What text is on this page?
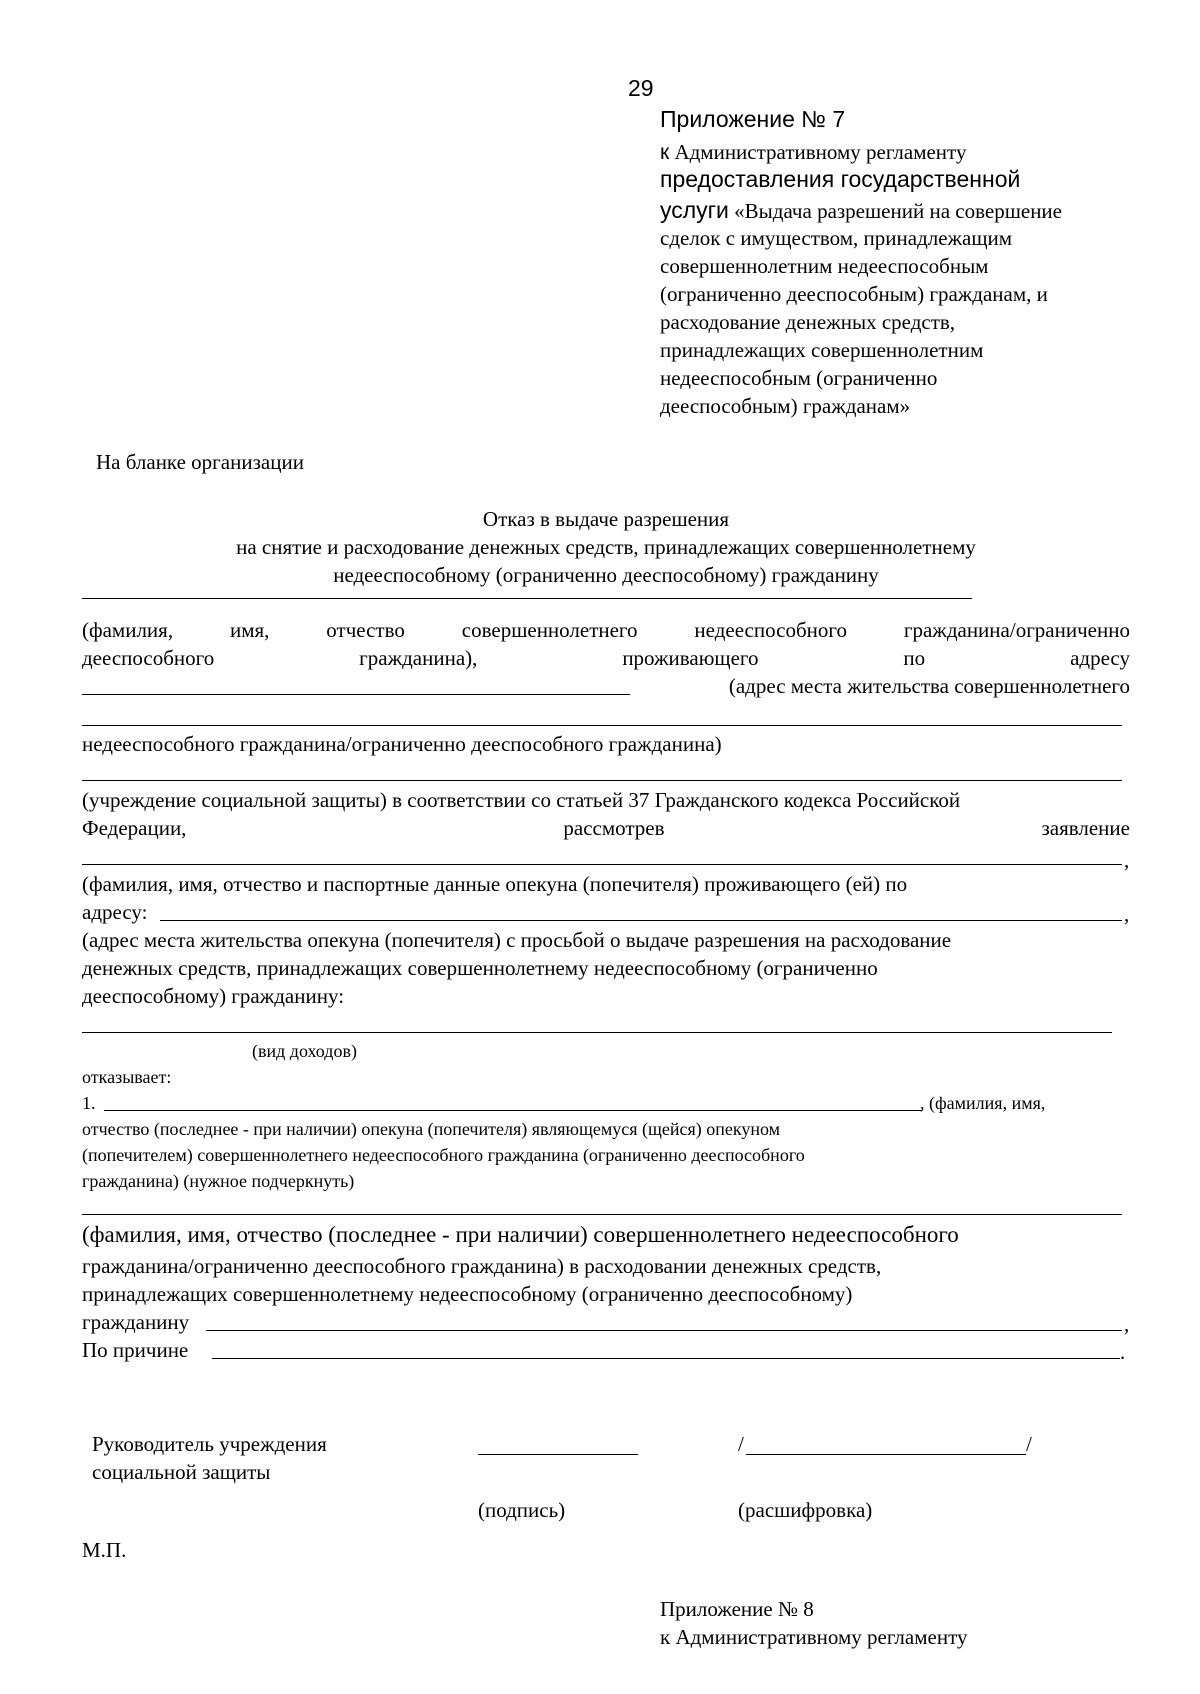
29
Приложение № 7
к Административному регламенту
предоставления государственной
услуги «Выдача разрешений на совершение
сделок с имуществом, принадлежащим
совершеннолетним недееспособным
(ограниченно дееспособным) гражданам, и
расходование денежных средств,
принадлежащих совершеннолетним
недееспособным (ограниченно
дееспособным) гражданам»
На бланке организации
Отказ в выдаче разрешения
на снятие и расходование денежных средств, принадлежащих совершеннолетнему
недееспособному (ограниченно дееспособному) гражданину
(фамилия,	имя,	отчество	совершеннолетнего	недееспособного	гражданина/ограниченно
дееспособного	гражданина),	проживающего	по	адресу
(адрес места жительства совершеннолетнего
недееспособного гражданина/ограниченно дееспособного гражданина)
(учреждение социальной защиты) в соответствии со статьей 37 Гражданского кодекса Российской
Федерации,	рассмотрев	заявление
,
(фамилия, имя, отчество и паспортные данные опекуна (попечителя) проживающего (ей) по
адресу:	,
(адрес места жительства опекуна (попечителя) с просьбой о выдаче разрешения на расходование
денежных средств, принадлежащих совершеннолетнему недееспособному (ограниченно
дееспособному) гражданину:
(вид доходов)
отказывает:
1.	, (фамилия, имя,
отчество (последнее - при наличии) опекуна (попечителя) являющемуся (щейся) опекуном
(попечителем) совершеннолетнего недееспособного гражданина (ограниченно дееспособного
гражданина) (нужное подчеркнуть)
(фамилия, имя, отчество (последнее - при наличии) совершеннолетнего недееспособного
гражданина/ограниченно дееспособного гражданина) в расходовании денежных средств,
принадлежащих совершеннолетнему недееспособному (ограниченно дееспособному)
гражданину	,
По причине	.
Руководитель учреждения
социальной защиты
/	/
(подпись)	(расшифровка)
М.П.
Приложение № 8
к Административному регламенту
